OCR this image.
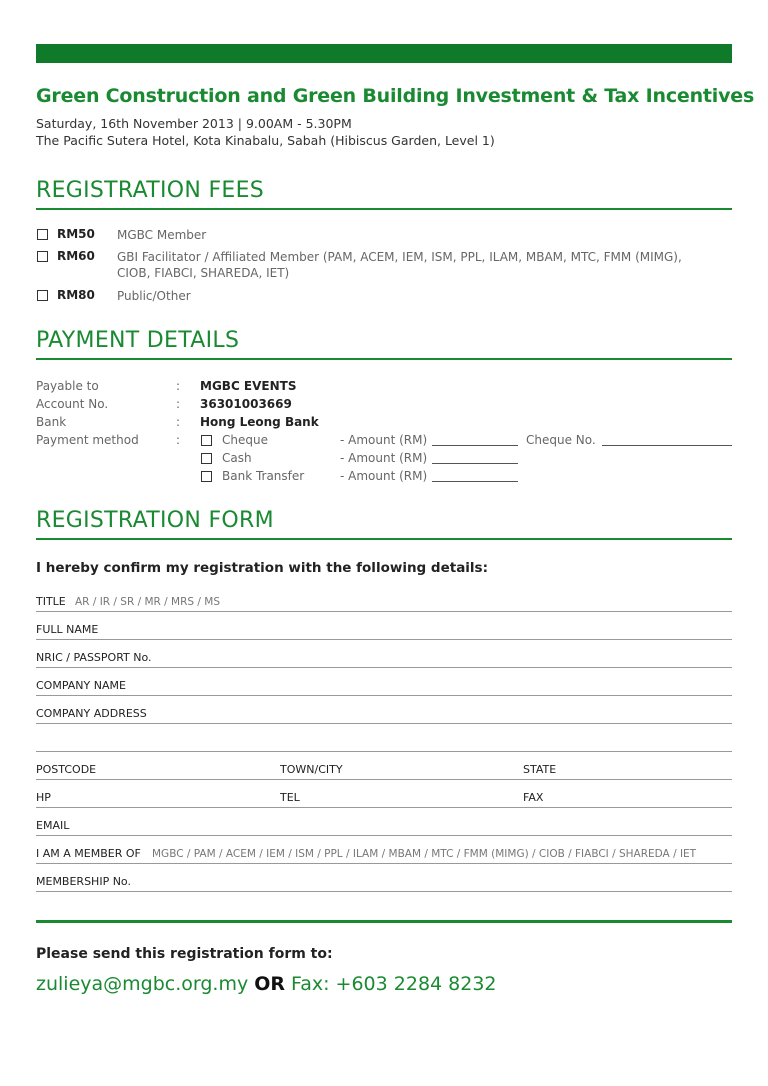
Green Construction and Green Building Investment & Tax Incentives
Saturday, 16th November 2013 | 9.00AM - 5.30PM
The Pacific Sutera Hotel, Kota Kinabalu, Sabah (Hibiscus Garden, Level 1)
REGISTRATION FEES
RM50 MGBC Member
RM60 GBI Facilitator / Affiliated Member (PAM, ACEM, IEM, ISM, PPL, ILAM, MBAM, MTC, FMM (MIMG), CIOB, FIABCI, SHAREDA, IET)
RM80 Public/Other
PAYMENT DETAILS
Payable to	: MGBC EVENTS
Account No.	: 36301003669
Bank	: Hong Leong Bank
Payment method	:	Cheque	- Amount (RM)	Cheque No.
Cash	- Amount (RM)
Bank Transfer	- Amount (RM)
REGISTRATION FORM
I hereby confirm my registration with the following details:
TITLE AR / IR / SR / MR / MRS / MS
FULL NAME
NRIC / PASSPORT No.
COMPANY NAME
COMPANY ADDRESS
POSTCODE	TOWN/CITY	STATE
HP	TEL	FAX
EMAIL
I AM A MEMBER OF MGBC / PAM / ACEM / IEM / ISM / PPL / ILAM / MBAM / MTC / FMM (MIMG) / CIOB / FIABCI / SHAREDA / IET
MEMBERSHIP No.
Please send this registration form to:
zulieya@mgbc.org.my OR Fax: +603 2284 8232
